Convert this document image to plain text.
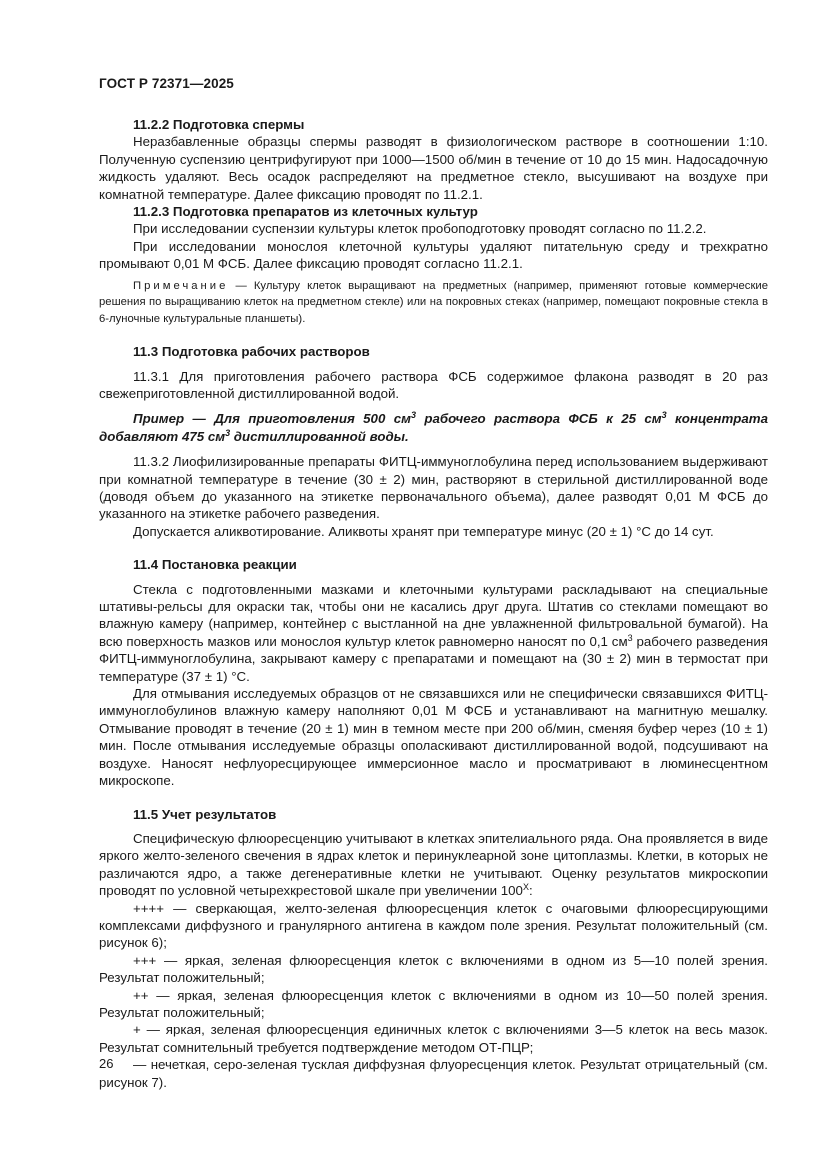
ГОСТ Р 72371—2025
11.2.2 Подготовка спермы

Неразбавленные образцы спермы разводят в физиологическом растворе в соотношении 1:10. Полученную суспензию центрифугируют при 1000—1500 об/мин в течение от 10 до 15 мин. Надосадочную жидкость удаляют. Весь осадок распределяют на предметное стекло, высушивают на воздухе при комнатной температуре. Далее фиксацию проводят по 11.2.1.

11.2.3 Подготовка препаратов из клеточных культур

При исследовании суспензии культуры клеток пробоподготовку проводят согласно по 11.2.2.

При исследовании монослоя клеточной культуры удаляют питательную среду и трехкратно промывают 0,01 М ФСБ. Далее фиксацию проводят согласно 11.2.1.

Примечание — Культуру клеток выращивают на предметных (например, применяют готовые коммерческие решения по выращиванию клеток на предметном стекле) или на покровных стеках (например, помещают покровные стекла в 6-луночные культуральные планшеты).

11.3 Подготовка рабочих растворов

11.3.1 Для приготовления рабочего раствора ФСБ содержимое флакона разводят в 20 раз свежеприготовленной дистиллированной водой.

Пример — Для приготовления 500 $см^3$ рабочего раствора ФСБ к 25 $см^3$ концентрата добавляют 475 $см^3$ дистиллированной воды.

11.3.2 Лиофилизированные препараты ФИТЦ-иммуноглобулина перед использованием выдерживают при комнатной температуре в течение (30 ± 2) мин, растворяют в стерильной дистиллированной воде (доводя объем до указанного на этикетке первоначального объема), далее разводят 0,01 М ФСБ до указанного на этикетке рабочего разведения.

Допускается аликвотирование. Аликвоты хранят при температуре минус (20 ± 1) °С до 14 сут.

11.4 Постановка реакции

Стекла с подготовленными мазками и клеточными культурами раскладывают на специальные штативы-рельсы для окраски так, чтобы они не касались друг друга. Штатив со стеклами помещают во влажную камеру (например, контейнер с выстланной на дне увлажненной фильтровальной бумагой). На всю поверхность мазков или монослоя культур клеток равномерно наносят по 0,1 $см^3$ рабочего разведения ФИТЦ-иммуноглобулина, закрывают камеру с препаратами и помещают на (30 ± 2) мин в термостат при температуре (37 ± 1) °С.

Для отмывания исследуемых образцов от не связавшихся или не специфически связавшихся ФИТЦ-иммуноглобулинов влажную камеру наполняют 0,01 М ФСБ и устанавливают на магнитную мешалку. Отмывание проводят в течение (20 ± 1) мин в темном месте при 200 об/мин, сменяя буфер через (10 ± 1) мин. После отмывания исследуемые образцы ополаскивают дистиллированной водой, подсушивают на воздухе. Наносят нефлуоресцирующее иммерсионное масло и просматривают в люминесцентном микроскопе.

11.5 Учет результатов

Специфическую флюоресценцию учитывают в клетках эпителиального ряда. Она проявляется в виде яркого желто-зеленого свечения в ядрах клеток и перинуклеарной зоне цитоплазмы. Клетки, в которых не различаются ядро, а также дегенеративные клетки не учитывают. Оценку результатов микроскопии проводят по условной четырехкрестовой шкале при увеличении $100^X$:

++++ — сверкающая, желто-зеленая флюоресценция клеток с очаговыми флюоресцирующими комплексами диффузного и гранулярного антигена в каждом поле зрения. Результат положительный (см. рисунок 6);

+++ — яркая, зеленая флюоресценция клеток с включениями в одном из 5—10 полей зрения. Результат положительный;

++ — яркая, зеленая флюоресценция клеток с включениями в одном из 10—50 полей зрения. Результат положительный;

+ — яркая, зеленая флюоресценция единичных клеток с включениями 3—5 клеток на весь мазок. Результат сомнительный требуется подтверждение методом ОТ-ПЦР;

— нечеткая, серо-зеленая тусклая диффузная флуоресценция клеток. Результат отрицательный (см. рисунок 7).

26
